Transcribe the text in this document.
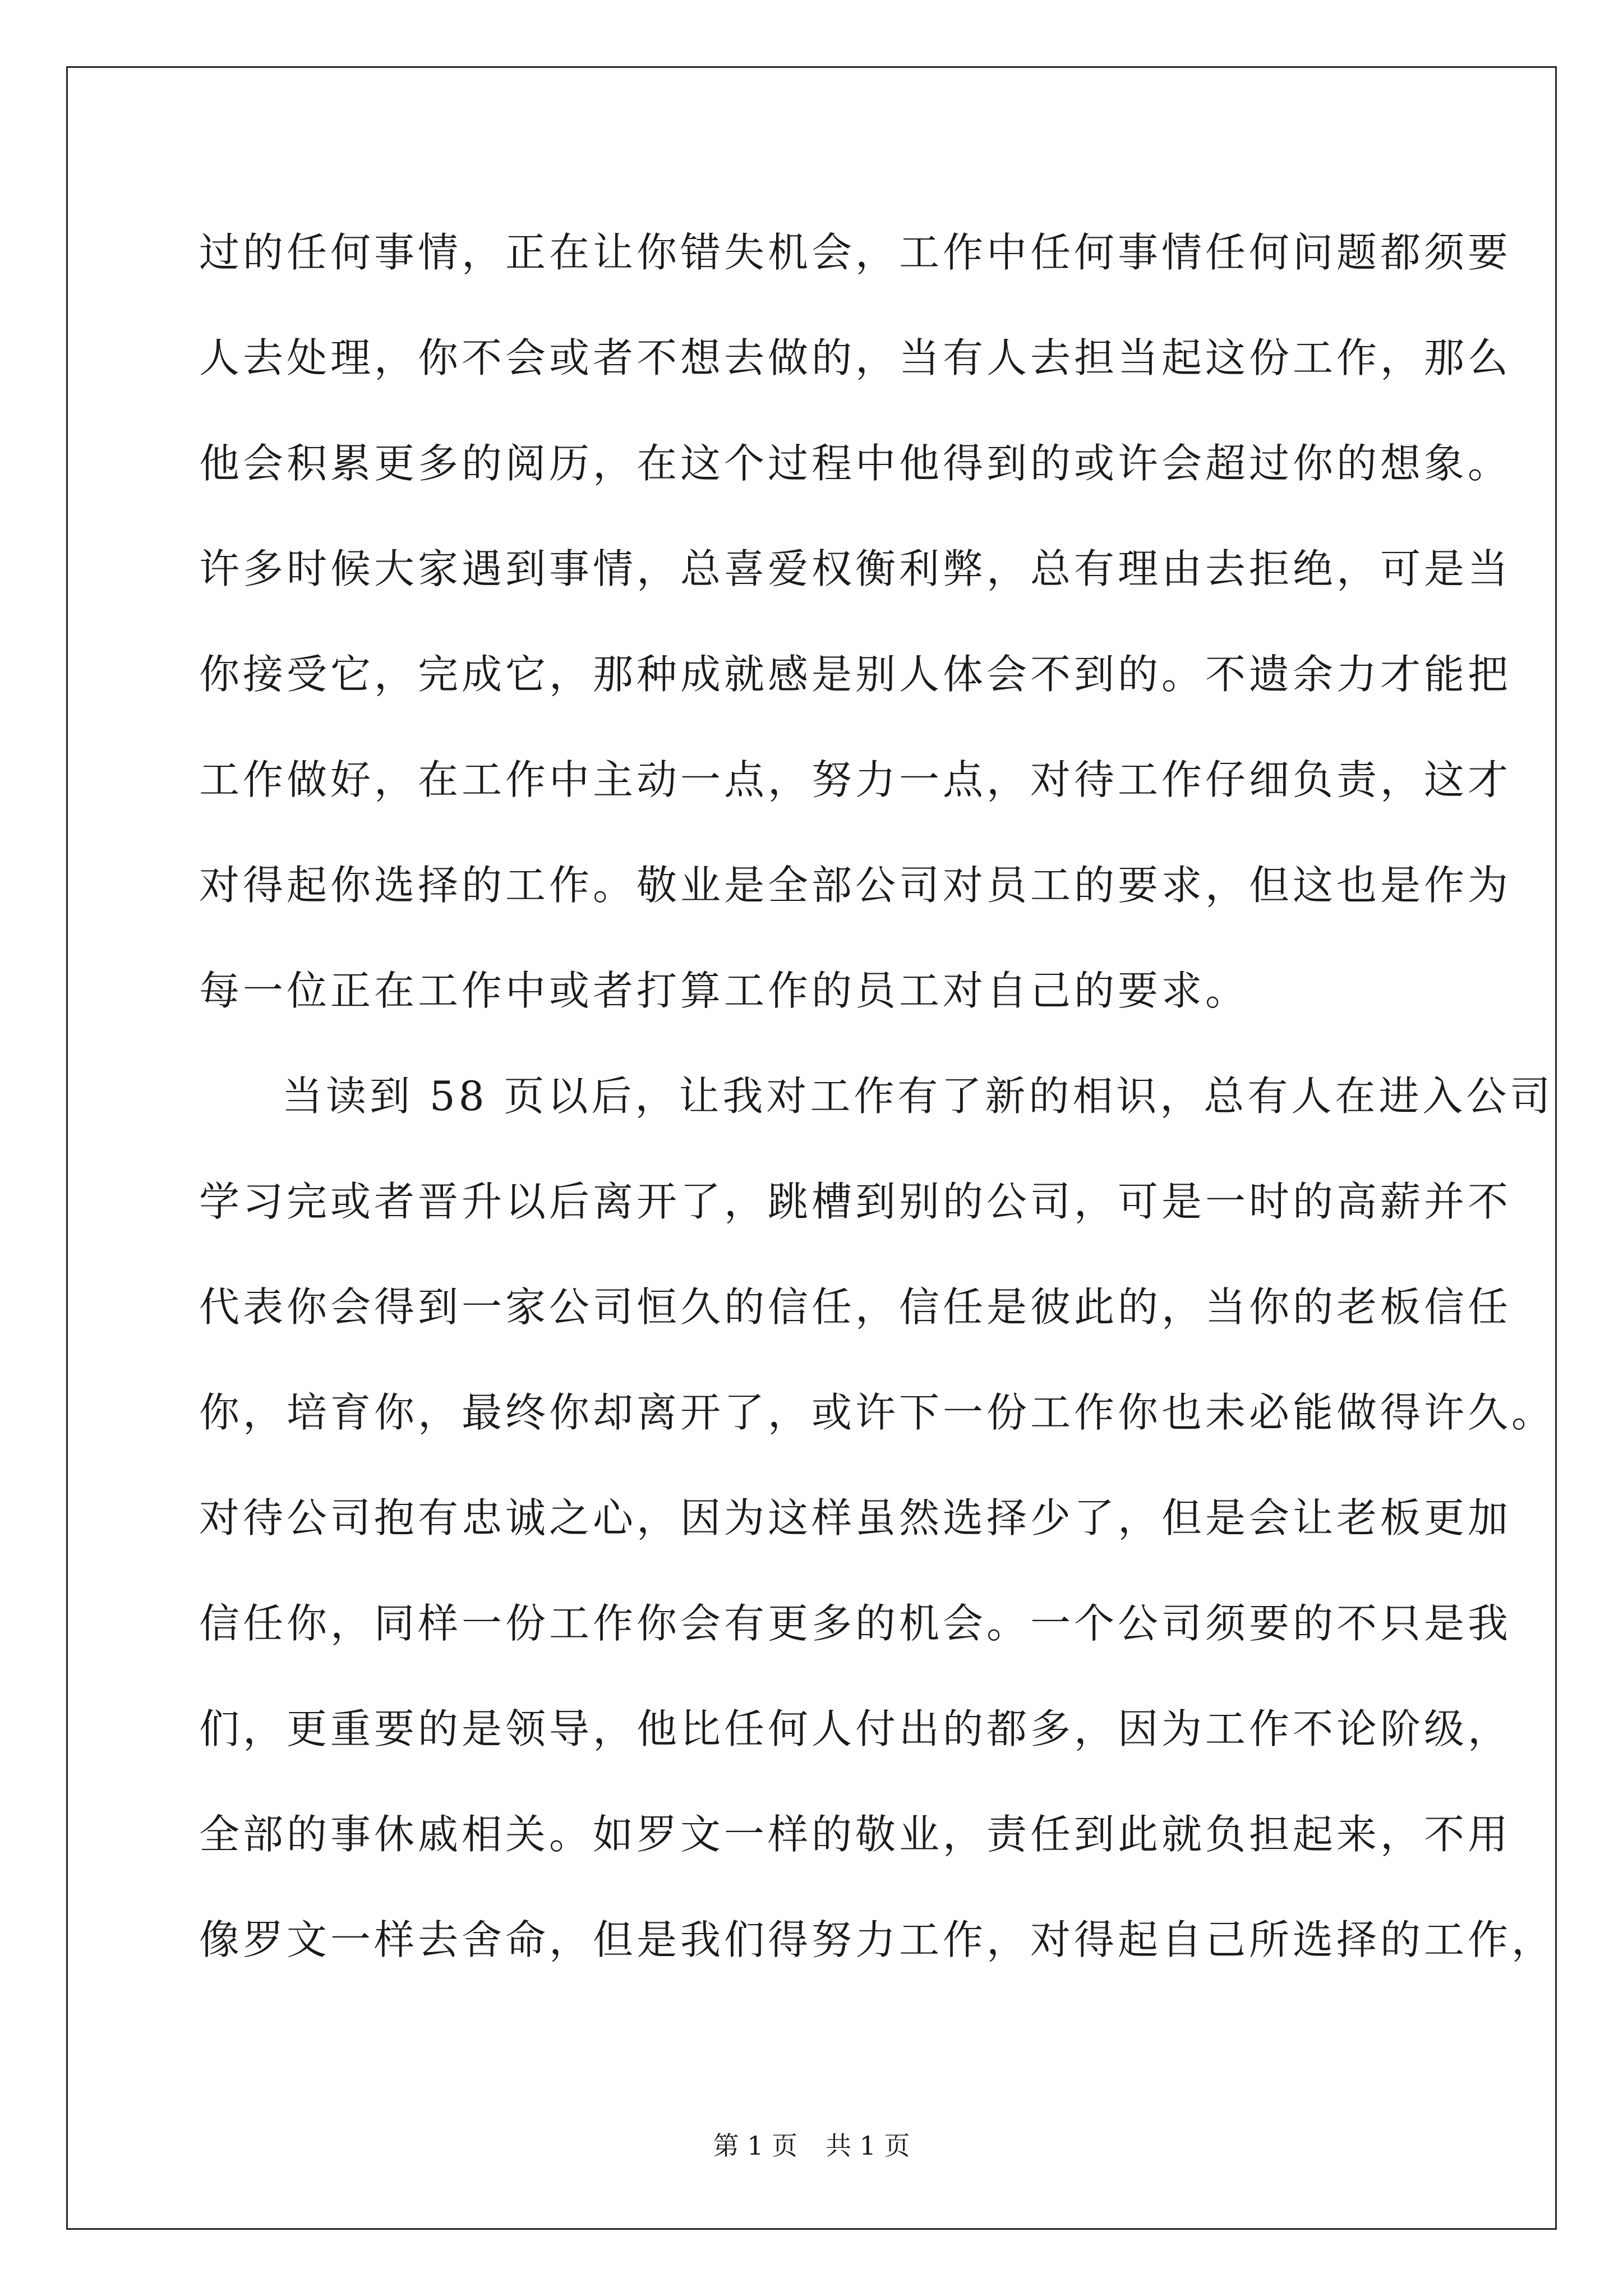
过的任何事情，正在让你错失机会，工作中任何事情任何问题都须要
人去处理，你不会或者不想去做的，当有人去担当起这份工作，那么
他会积累更多的阅历，在这个过程中他得到的或许会超过你的想象。
许多时候大家遇到事情，总喜爱权衡利弊，总有理由去拒绝，可是当
你接受它，完成它，那种成就感是别人体会不到的。不遗余力才能把
工作做好，在工作中主动一点，努力一点，对待工作仔细负责，这才
对得起你选择的工作。敬业是全部公司对员工的要求，但这也是作为
每一位正在工作中或者打算工作的员工对自己的要求。
当读到 58 页以后，让我对工作有了新的相识，总有人在进入公司
学习完或者晋升以后离开了，跳槽到别的公司，可是一时的高薪并不
代表你会得到一家公司恒久的信任，信任是彼此的，当你的老板信任
你，培育你，最终你却离开了，或许下一份工作你也未必能做得许久。
对待公司抱有忠诚之心，因为这样虽然选择少了，但是会让老板更加
信任你，同样一份工作你会有更多的机会。一个公司须要的不只是我
们，更重要的是领导，他比任何人付出的都多，因为工作不论阶级，
全部的事休戚相关。如罗文一样的敬业，责任到此就负担起来，不用
像罗文一样去舍命，但是我们得努力工作，对得起自己所选择的工作，
第 1 页 共 1 页
